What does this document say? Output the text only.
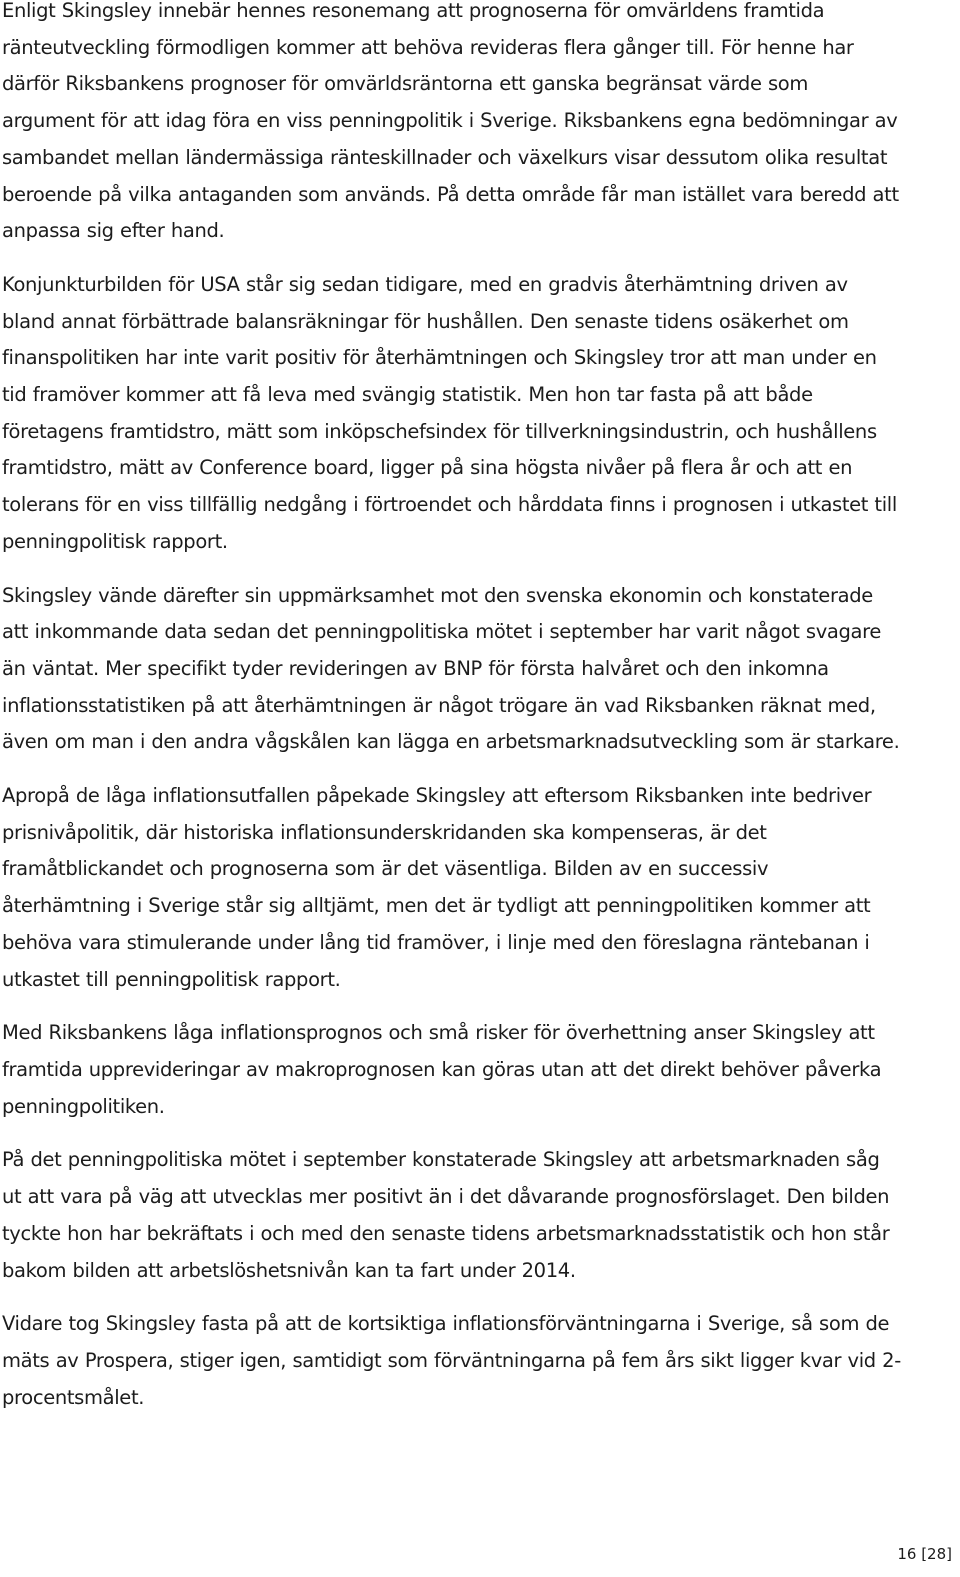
Enligt Skingsley innebär hennes resonemang att prognoserna för omvärldens framtida ränteutveckling förmodligen kommer att behöva revideras flera gånger till. För henne har därför Riksbankens prognoser för omvärldsräntorna ett ganska begränsat värde som argument för att idag föra en viss penningpolitik i Sverige. Riksbankens egna bedömningar av sambandet mellan ländermässiga ränteskillnader och växelkurs visar dessutom olika resultat beroende på vilka antaganden som används. På detta område får man istället vara beredd att anpassa sig efter hand.

Konjunkturbilden för USA står sig sedan tidigare, med en gradvis återhämtning driven av bland annat förbättrade balansräkningar för hushållen. Den senaste tidens osäkerhet om finanspolitiken har inte varit positiv för återhämtningen och Skingsley tror att man under en tid framöver kommer att få leva med svängig statistik. Men hon tar fasta på att både företagens framtidstro, mätt som inköpschefsindex för tillverkningsindustrin, och hushållens framtidstro, mätt av Conference board, ligger på sina högsta nivåer på flera år och att en tolerans för en viss tillfällig nedgång i förtroendet och hårddata finns i prognosen i utkastet till penningpolitisk rapport.

Skingsley vände därefter sin uppmärksamhet mot den svenska ekonomin och konstaterade att inkommande data sedan det penningpolitiska mötet i september har varit något svagare än väntat. Mer specifikt tyder revideringen av BNP för första halvåret och den inkomna inflationsstatistiken på att återhämtningen är något trögare än vad Riksbanken räknat med, även om man i den andra vågskålen kan lägga en arbetsmarknadsutveckling som är starkare.

Apropå de låga inflationsutfallen påpekade Skingsley att eftersom Riksbanken inte bedriver prisnivåpolitik, där historiska inflationsunderskridanden ska kompenseras, är det framåtblickandet och prognoserna som är det väsentliga. Bilden av en successiv återhämtning i Sverige står sig alltjämt, men det är tydligt att penningpolitiken kommer att behöva vara stimulerande under lång tid framöver, i linje med den föreslagna räntebanan i utkastet till penningpolitisk rapport.

Med Riksbankens låga inflationsprognos och små risker för överhettning anser Skingsley att framtida upprevideringar av makroprognosen kan göras utan att det direkt behöver påverka penningpolitiken.

På det penningpolitiska mötet i september konstaterade Skingsley att arbetsmarknaden såg ut att vara på väg att utvecklas mer positivt än i det dåvarande prognosförslaget. Den bilden tyckte hon har bekräftats i och med den senaste tidens arbetsmarknadsstatistik och hon står bakom bilden att arbetslöshetsnivån kan ta fart under 2014.

Vidare tog Skingsley fasta på att de kortsiktiga inflationsförväntningarna i Sverige, så som de mäts av Prospera, stiger igen, samtidigt som förväntningarna på fem års sikt ligger kvar vid 2-procentsmålet.

16 [28]
